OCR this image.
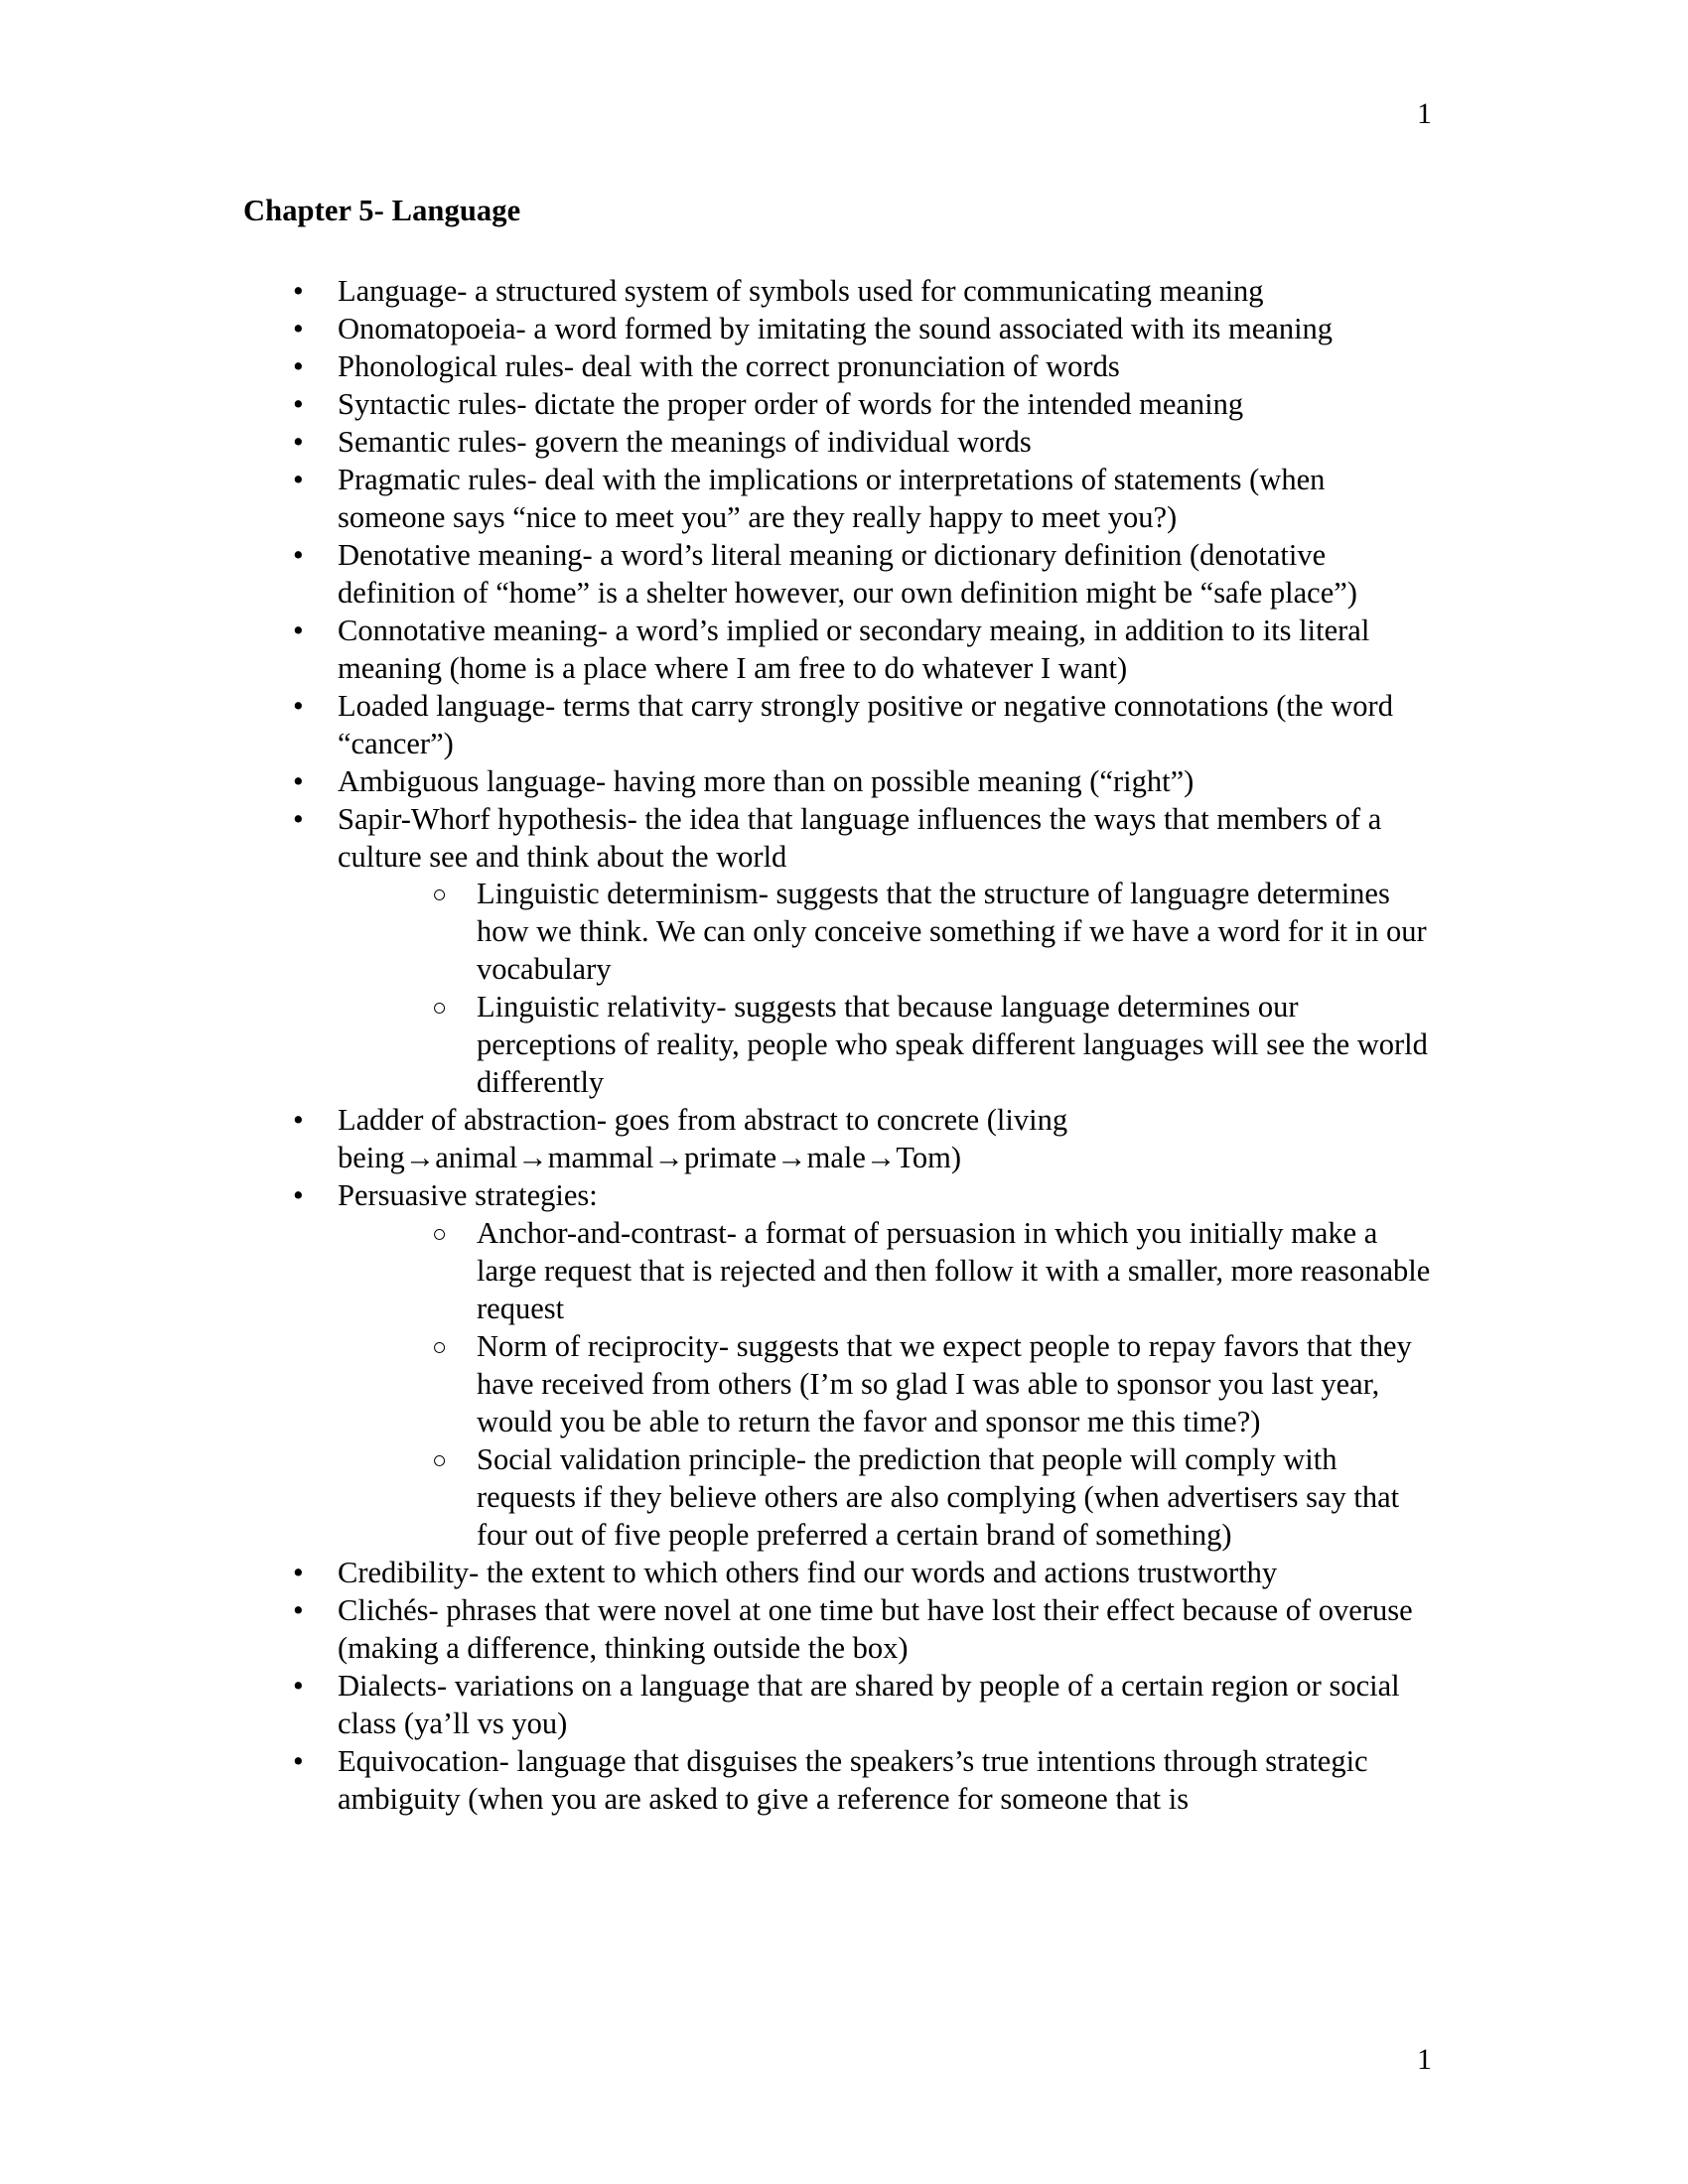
1
Chapter 5- Language
•	Language- a structured system of symbols used for communicating meaning
•	Onomatopoeia- a word formed by imitating the sound associated with its meaning
•	Phonological rules- deal with the correct pronunciation of words
•	Syntactic rules- dictate the proper order of words for the intended meaning
•	Semantic rules- govern the meanings of individual words
•	Pragmatic rules- deal with the implications or interpretations of statements (when someone says “nice to meet you” are they really happy to meet you?)
•	Denotative meaning- a word’s literal meaning or dictionary definition (denotative definition of “home” is a shelter however, our own definition might be “safe place”)
•	Connotative meaning- a word’s implied or secondary meaing, in addition to its literal meaning (home is a place where I am free to do whatever I want)
•	Loaded language- terms that carry strongly positive or negative connotations (the word “cancer”)
•	Ambiguous language- having more than on possible meaning (“right”)
•	Sapir-Whorf hypothesis- the idea that language influences the ways that members of a culture see and think about the world
○ Linguistic determinism- suggests that the structure of languagre determines how we think. We can only conceive something if we have a word for it in our vocabulary
○ Linguistic relativity- suggests that because language determines our perceptions of reality, people who speak different languages will see the world differently
•	Ladder of abstraction- goes from abstract to concrete (living being→animal→mammal→primate→male→Tom)
•	Persuasive strategies:
○ Anchor-and-contrast- a format of persuasion in which you initially make a large request that is rejected and then follow it with a smaller, more reasonable request
○ Norm of reciprocity- suggests that we expect people to repay favors that they have received from others (I’m so glad I was able to sponsor you last year, would you be able to return the favor and sponsor me this time?)
○ Social validation principle- the prediction that people will comply with requests if they believe others are also complying (when advertisers say that four out of five people preferred a certain brand of something)
•	Credibility- the extent to which others find our words and actions trustworthy
•	Clichés- phrases that were novel at one time but have lost their effect because of overuse (making a difference, thinking outside the box)
•	Dialects- variations on a language that are shared by people of a certain region or social class (ya’ll vs you)
•	Equivocation- language that disguises the speakers’s true intentions through strategic ambiguity (when you are asked to give a reference for someone that is
1
